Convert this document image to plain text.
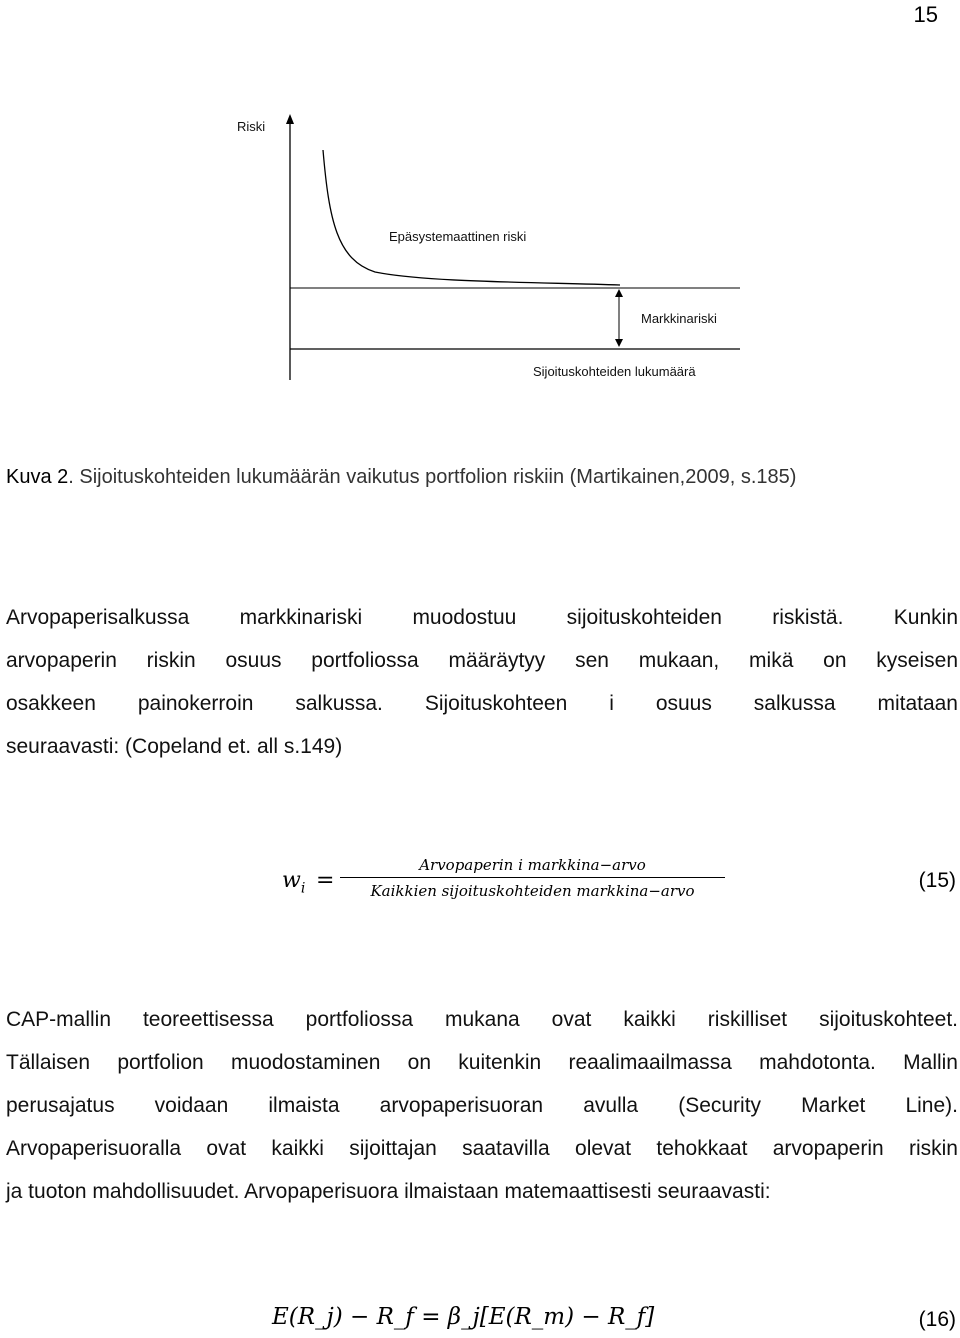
15
Riski
Epäsystemaattinen riski
Markkinariski
Sijoituskohteiden lukumäärä
Kuva 2. Sijoituskohteiden lukumäärän vaikutus portfolion riskiin (Martikainen,2009, s.185)
Arvopaperisalkussa markkinariski muodostuu sijoituskohteiden riskistä. Kunkin
arvopaperin riskin osuus portfoliossa määräytyy sen mukaan, mikä on kyseisen
osakkeen painokerroin salkussa. Sijoituskohteen i osuus salkussa mitataan
seuraavasti: (Copeland et. all s.149)
$w_i$ =
Arvopaperin i markkina−arvo
Kaikkien sijoituskohteiden markkina−arvo	(15)
CAP-mallin teoreettisessa portfoliossa mukana ovat kaikki riskilliset sijoituskohteet.
Tällaisen portfolion muodostaminen on kuitenkin reaalimaailmassa mahdotonta. Mallin
perusajatus voidaan ilmaista arvopaperisuoran avulla (Security Market Line).
Arvopaperisuoralla ovat kaikki sijoittajan saatavilla olevat tehokkaat arvopaperin riskin
ja tuoton mahdollisuudet. Arvopaperisuora ilmaistaan matemaattisesti seuraavasti:
E(R_j) − R_f = β_j[E(R_m) − R_f]	(16)
